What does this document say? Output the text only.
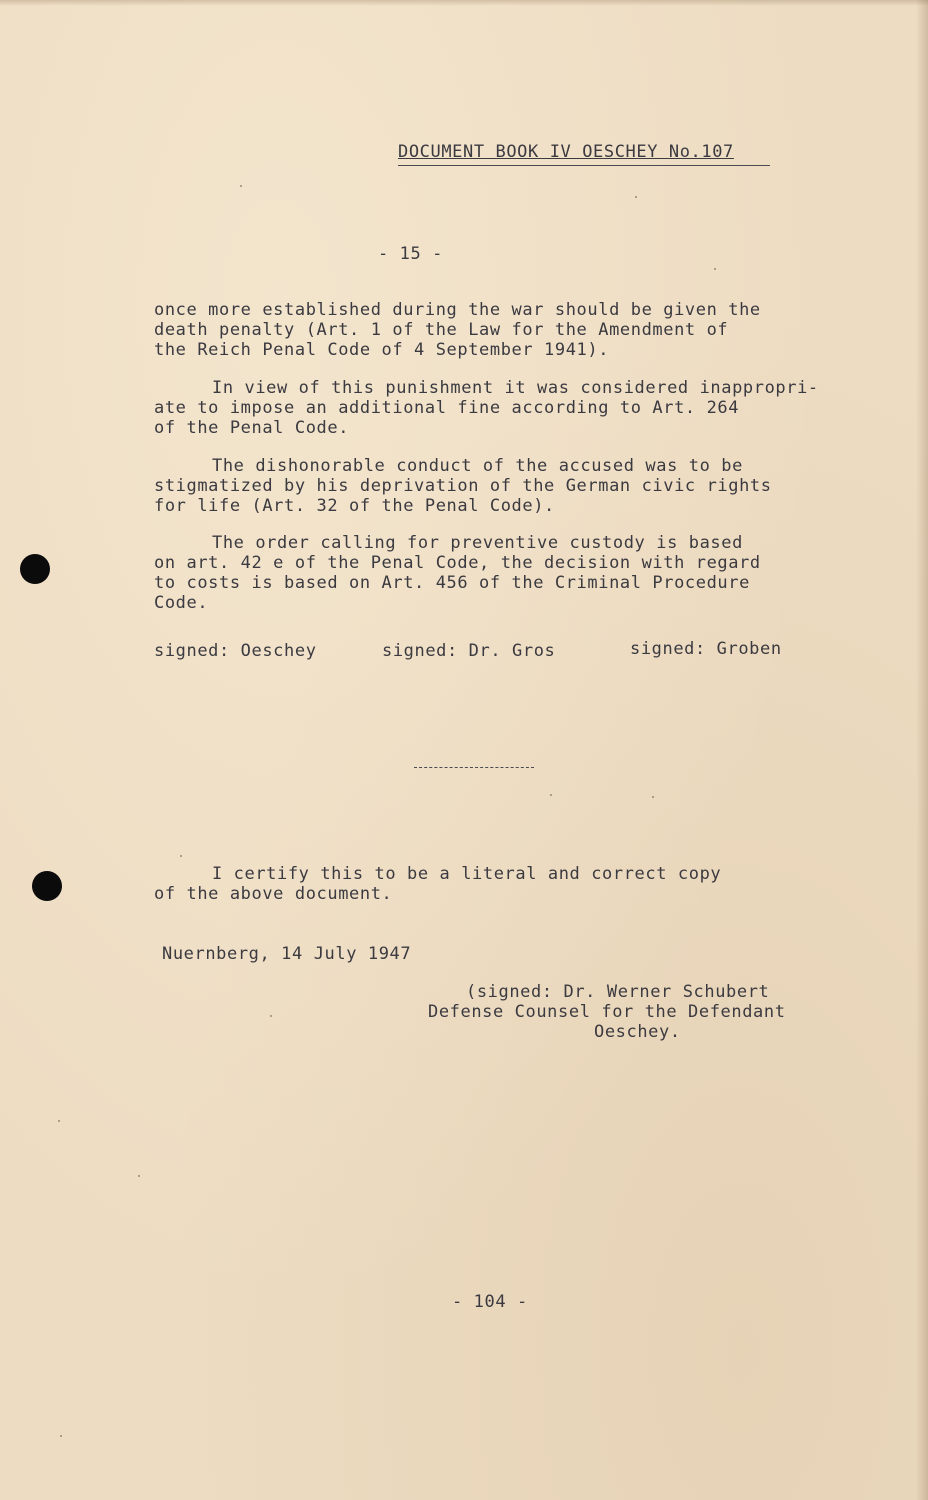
DOCUMENT BOOK IV OESCHEY No.107
- 15 -
once more established during the war should be given the
death penalty (Art. 1 of the Law for the Amendment of
the Reich Penal Code of 4 September 1941).
In view of this punishment it was considered inappropri-
ate to impose an additional fine according to Art. 264
of the Penal Code.
The dishonorable conduct of the accused was to be
stigmatized by his deprivation of the German civic rights
for life (Art. 32 of the Penal Code).
The order calling for preventive custody is based
on art. 42 e of the Penal Code, the decision with regard
to costs is based on Art. 456 of the Criminal Procedure
Code.
signed: Oeschey	signed: Dr. Gros	signed: Groben
I certify this to be a literal and correct copy
of the above document.
Nuernberg, 14 July 1947
(signed: Dr. Werner Schubert
Defense Counsel for the Defendant
Oeschey.
- 104 -
